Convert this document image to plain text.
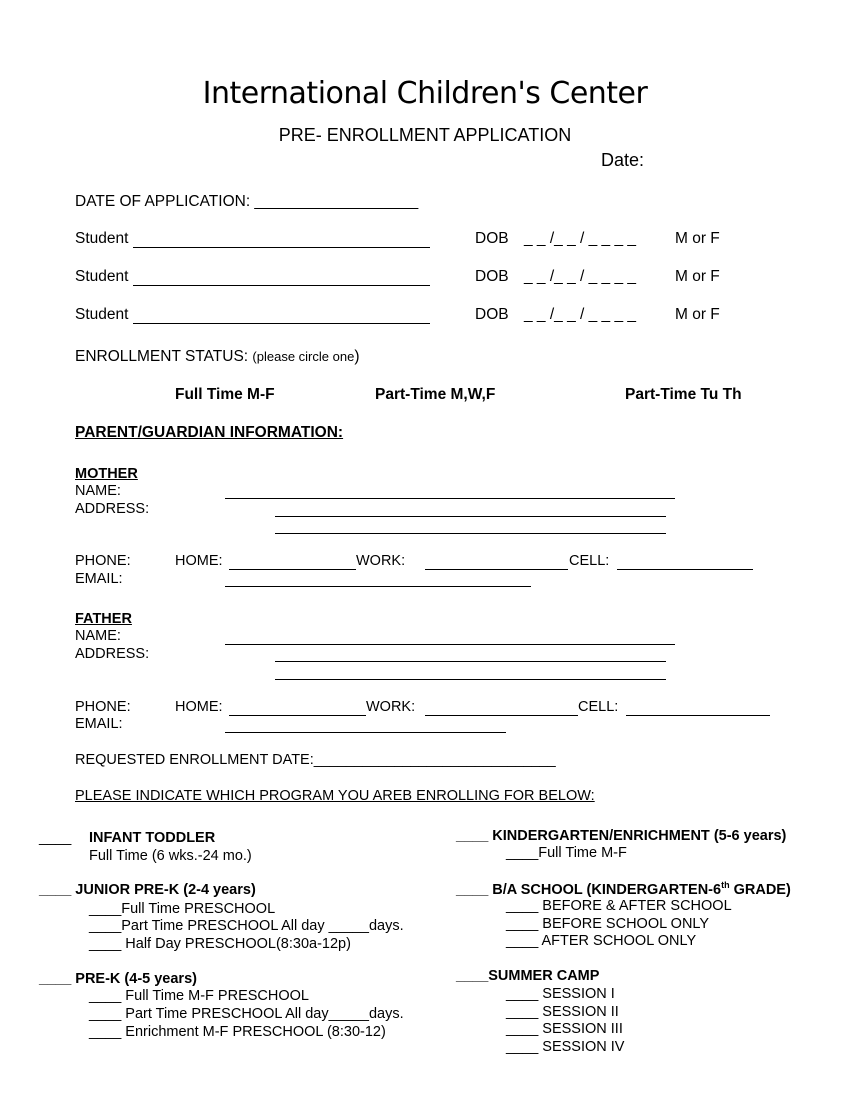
International Children's Center
PRE- ENROLLMENT APPLICATION
Date:
DATE OF APPLICATION: ___________________
Student	DOB _ _ /_ _ / _ _ _ _	M or F
Student	DOB _ _ /_ _ / _ _ _ _	M or F
Student	DOB _ _ /_ _ / _ _ _ _	M or F
ENROLLMENT STATUS: (please circle one)
Full Time M-F	Part-Time M,W,F	Part-Time Tu Th
PARENT/GUARDIAN INFORMATION:
MOTHER
NAME:
ADDRESS:
PHONE:	HOME:	WORK:	CELL:
EMAIL:
FATHER
NAME:
ADDRESS:
PHONE:	HOME:	WORK:	CELL:
EMAIL:
REQUESTED ENROLLMENT DATE:______________________________
PLEASE INDICATE WHICH PROGRAM YOU AREB ENROLLING FOR BELOW:
____ INFANT TODDLER
Full Time (6 wks.-24 mo.)
____ JUNIOR PRE-K (2-4 years)
____Full Time PRESCHOOL
____Part Time PRESCHOOL All day _____days.
____ Half Day PRESCHOOL(8:30a-12p)
____ PRE-K (4-5 years)
____ Full Time M-F PRESCHOOL
____ Part Time PRESCHOOL All day_____days.
____ Enrichment M-F PRESCHOOL (8:30-12)
____ KINDERGARTEN/ENRICHMENT (5-6 years)
____Full Time M-F
____ B/A SCHOOL (KINDERGARTEN-6th GRADE)
____ BEFORE & AFTER SCHOOL
____ BEFORE SCHOOL ONLY
____ AFTER SCHOOL ONLY
____SUMMER CAMP
____ SESSION I
____ SESSION II
____ SESSION III
____ SESSION IV
